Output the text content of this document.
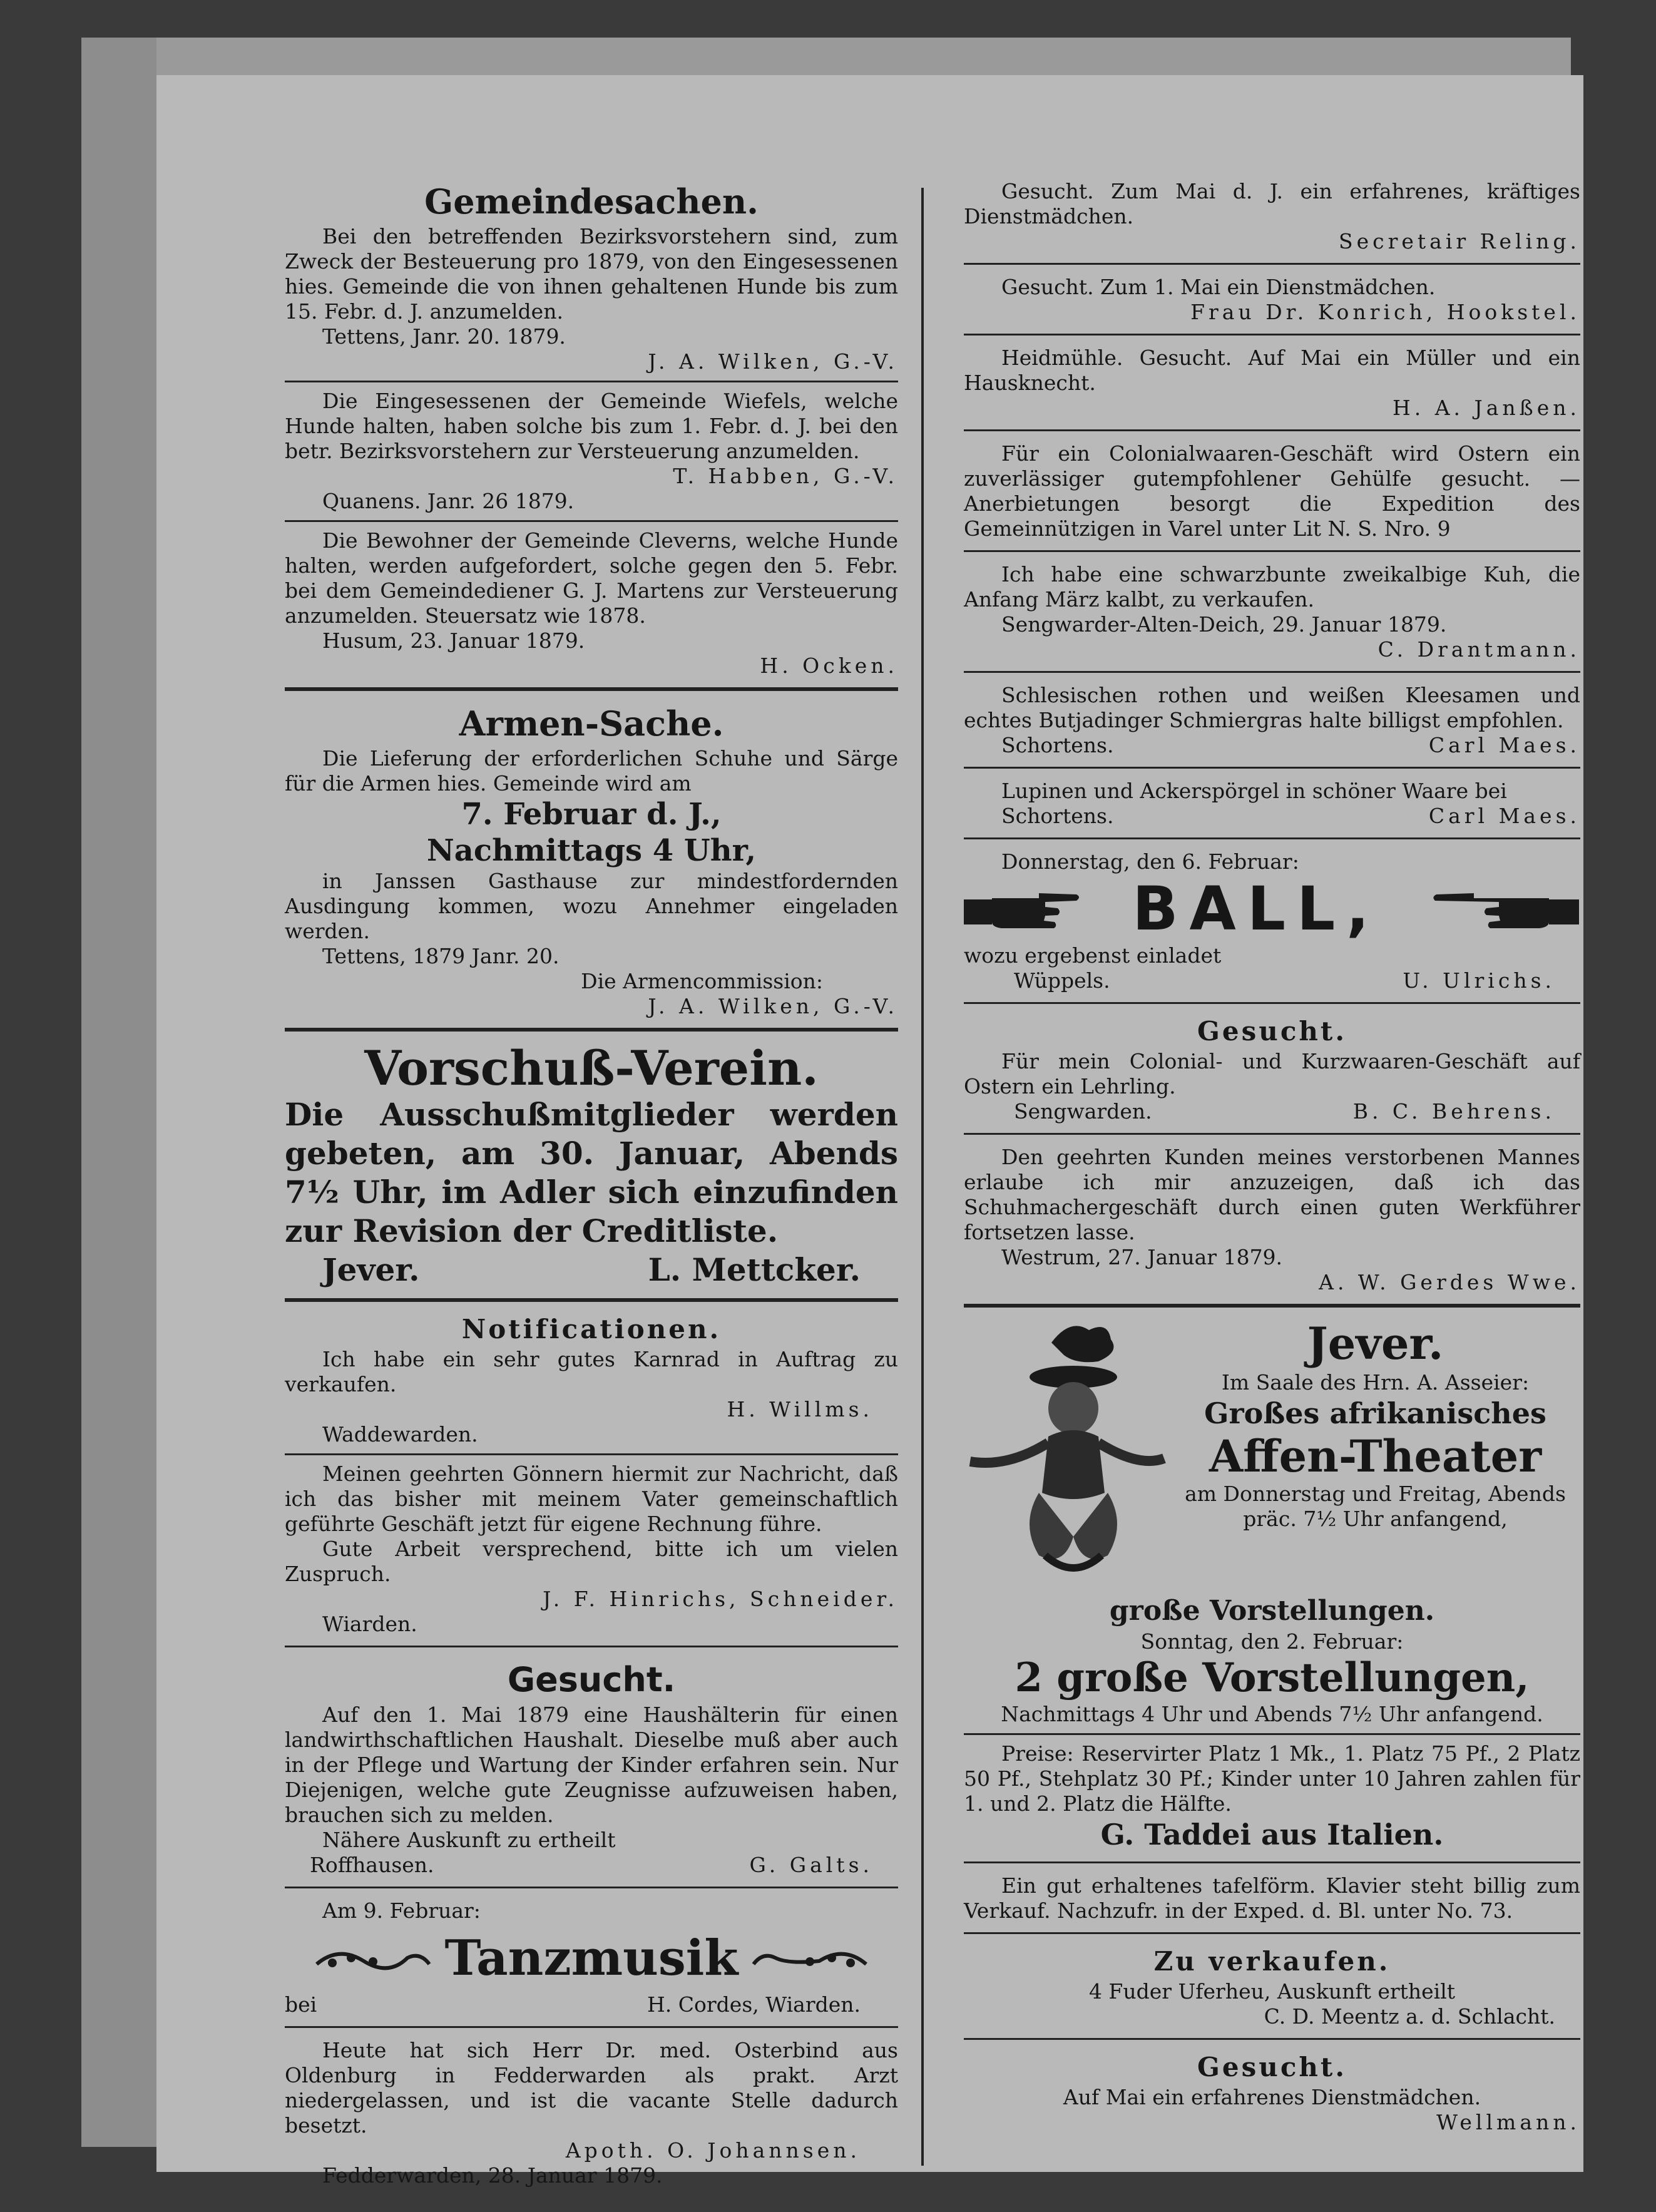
Gemeindesachen.

Bei den betreffenden Bezirksvorstehern sind, zum Zweck der Besteuerung pro 1879, von den Eingesessenen hies. Gemeinde die von ihnen gehaltenen Hunde bis zum 15. Febr. d. J. anzumelden.

Tettens, Janr. 20. 1879.

J. A. Wilken, G.-V.

Die Eingesessenen der Gemeinde Wiefels, welche Hunde halten, haben solche bis zum 1. Febr. d. J. bei den betr. Bezirksvorstehern zur Versteuerung anzumelden.

T. Habben, G.-V.

Quanens. Janr. 26 1879.

Die Bewohner der Gemeinde Cleverns, welche Hunde halten, werden aufgefordert, solche gegen den 5. Febr. bei dem Gemeindediener G. J. Martens zur Versteuerung anzumelden. Steuersatz wie 1878.

Husum, 23. Januar 1879.

H. Ocken.

Armen-Sache.

Die Lieferung der erforderlichen Schuhe und Särge für die Armen hies. Gemeinde wird am

7. Februar d. J.,
Nachmittags 4 Uhr,

in Janssen Gasthause zur mindestfordernden Ausdingung kommen, wozu Annehmer eingeladen werden.

Tettens, 1879 Janr. 20.

Die Armencommission:

J. A. Wilken, G.-V.

Vorschuß-Verein.
Die Ausschußmitglieder werden gebeten, am 30. Januar, Abends 7½ Uhr, im Adler sich einzufinden zur Revision der Creditliste.
Jever.	L. Mettcker.
Notificationen.

Ich habe ein sehr gutes Karnrad in Auftrag zu verkaufen.

H. Willms.

Waddewarden.

Meinen geehrten Gönnern hiermit zur Nachricht, daß ich das bisher mit meinem Vater gemeinschaftlich geführte Geschäft jetzt für eigene Rechnung führe.

Gute Arbeit versprechend, bitte ich um vielen Zuspruch.

J. F. Hinrichs, Schneider.

Wiarden.

Gesucht.

Auf den 1. Mai 1879 eine Haushälterin für einen landwirthschaftlichen Haushalt. Dieselbe muß aber auch in der Pflege und Wartung der Kinder erfahren sein. Nur Diejenigen, welche gute Zeugnisse aufzuweisen haben, brauchen sich zu melden.

Nähere Auskunft zu ertheilt

Roffhausen.	G. Galts.

Am 9. Februar:

Tanzmusik
bei	H. Cordes, Wiarden.

Heute hat sich Herr Dr. med. Osterbind aus Oldenburg in Fedderwarden als prakt. Arzt niedergelassen, und ist die vacante Stelle dadurch besetzt.

Apoth. O. Johannsen.

Fedderwarden, 28. Januar 1879.

Gesucht. Zum Mai d. J. ein erfahrenes, kräftiges Dienstmädchen.

Secretair Reling.

Gesucht. Zum 1. Mai ein Dienstmädchen.

Frau Dr. Konrich, Hookstel.

Heidmühle. Gesucht. Auf Mai ein Müller und ein Hausknecht.

H. A. Janßen.

Für ein Colonialwaaren-Geschäft wird Ostern ein zuverlässiger gutempfohlener Gehülfe gesucht. — Anerbietungen besorgt die Expedition des Gemeinnützigen in Varel unter Lit N. S. Nro. 9

Ich habe eine schwarzbunte zweikalbige Kuh, die Anfang März kalbt, zu verkaufen.

Sengwarder-Alten-Deich, 29. Januar 1879.

C. Drantmann.

Schlesischen rothen und weißen Kleesamen und echtes Butjadinger Schmiergras halte billigst empfohlen.

Schortens.	Carl Maes.

Lupinen und Ackerspörgel in schöner Waare bei

Schortens.	Carl Maes.

Donnerstag, den 6. Februar:

BALL,

wozu ergebenst einladet

Wüppels.	U. Ulrichs.
Gesucht.

Für mein Colonial- und Kurzwaaren-Geschäft auf Ostern ein Lehrling.

Sengwarden.	B. C. Behrens.

Den geehrten Kunden meines verstorbenen Mannes erlaube ich mir anzuzeigen, daß ich das Schuhmachergeschäft durch einen guten Werkführer fortsetzen lasse.

Westrum, 27. Januar 1879.

A. W. Gerdes Wwe.

Jever.

Im Saale des Hrn. A. Asseier:

Großes afrikanisches
Affen-Theater

am Donnerstag und Freitag, Abends präc. 7½ Uhr anfangend,

große Vorstellungen.

Sonntag, den 2. Februar:

2 große Vorstellungen,

Nachmittags 4 Uhr und Abends 7½ Uhr anfangend.

Preise: Reservirter Platz 1 Mk., 1. Platz 75 Pf., 2 Platz 50 Pf., Stehplatz 30 Pf.; Kinder unter 10 Jahren zahlen für 1. und 2. Platz die Hälfte.

G. Taddei aus Italien.

Ein gut erhaltenes tafelförm. Klavier steht billig zum Verkauf. Nachzufr. in der Exped. d. Bl. unter No. 73.

Zu verkaufen.

4 Fuder Uferheu, Auskunft ertheilt

C. D. Meentz a. d. Schlacht.

Gesucht.

Auf Mai ein erfahrenes Dienstmädchen.

Wellmann.
